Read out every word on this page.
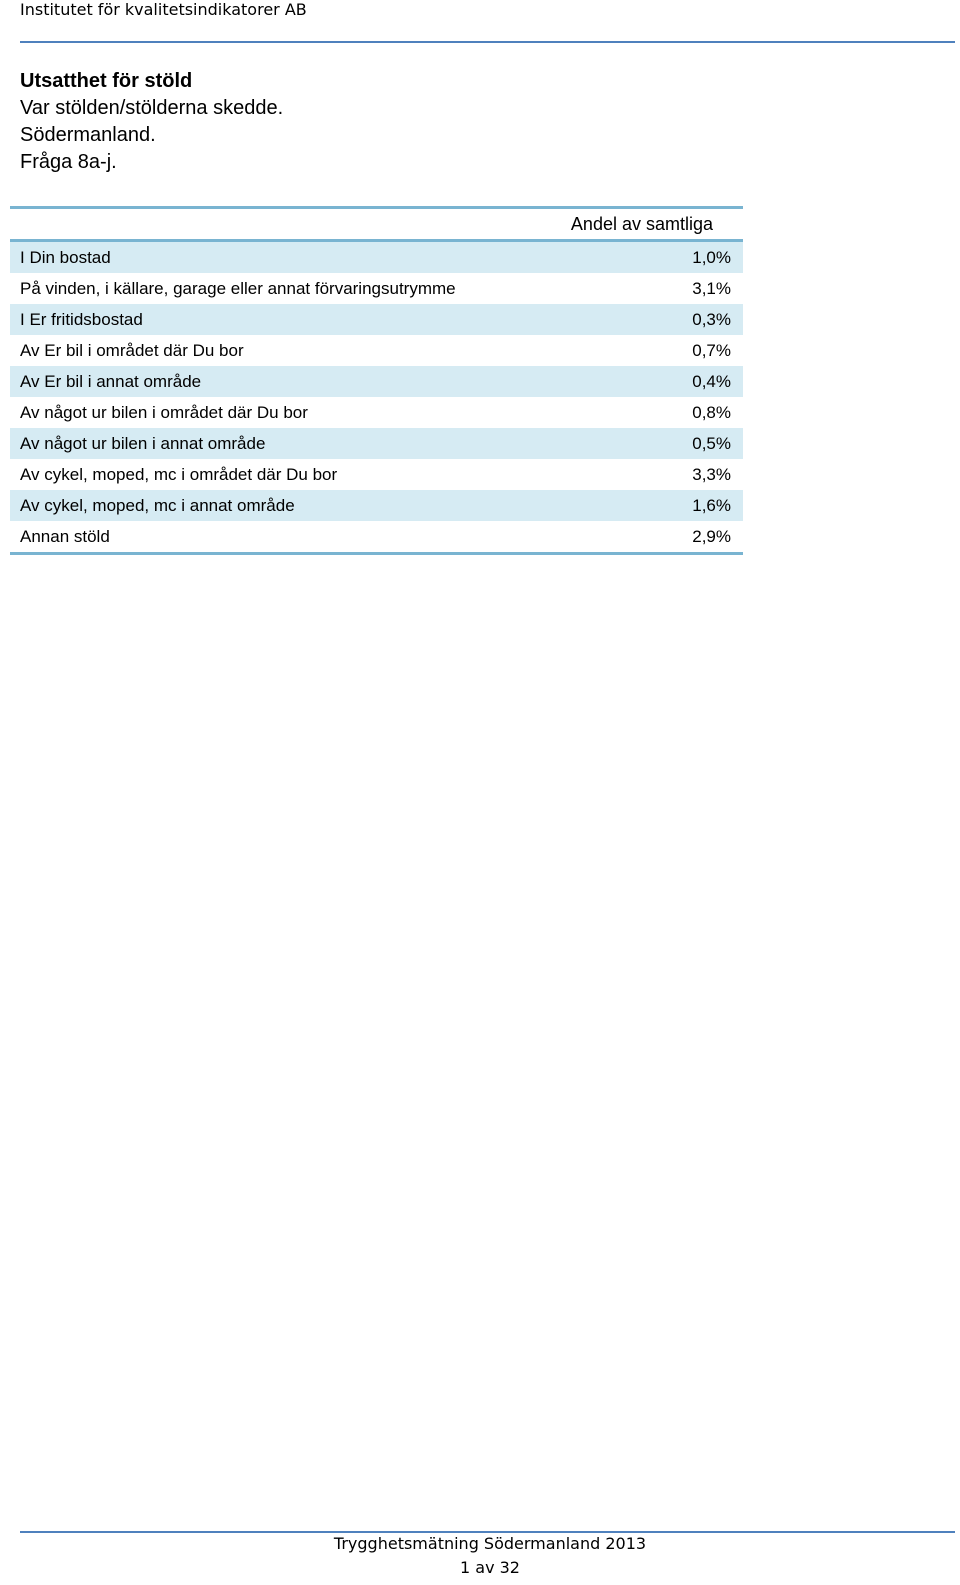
Institutet för kvalitetsindikatorer AB
Utsatthet för stöld
Var stölden/stölderna skedde.
Södermanland.
Fråga 8a-j.
Andel av samtliga
I Din bostad	1,0%
På vinden, i källare, garage eller annat förvaringsutrymme	3,1%
I Er fritidsbostad	0,3%
Av Er bil i området där Du bor	0,7%
Av Er bil i annat område	0,4%
Av något ur bilen i området där Du bor	0,8%
Av något ur bilen i annat område	0,5%
Av cykel, moped, mc i området där Du bor	3,3%
Av cykel, moped, mc i annat område	1,6%
Annan stöld	2,9%
Trygghetsmätning Södermanland 2013
1 av 32
